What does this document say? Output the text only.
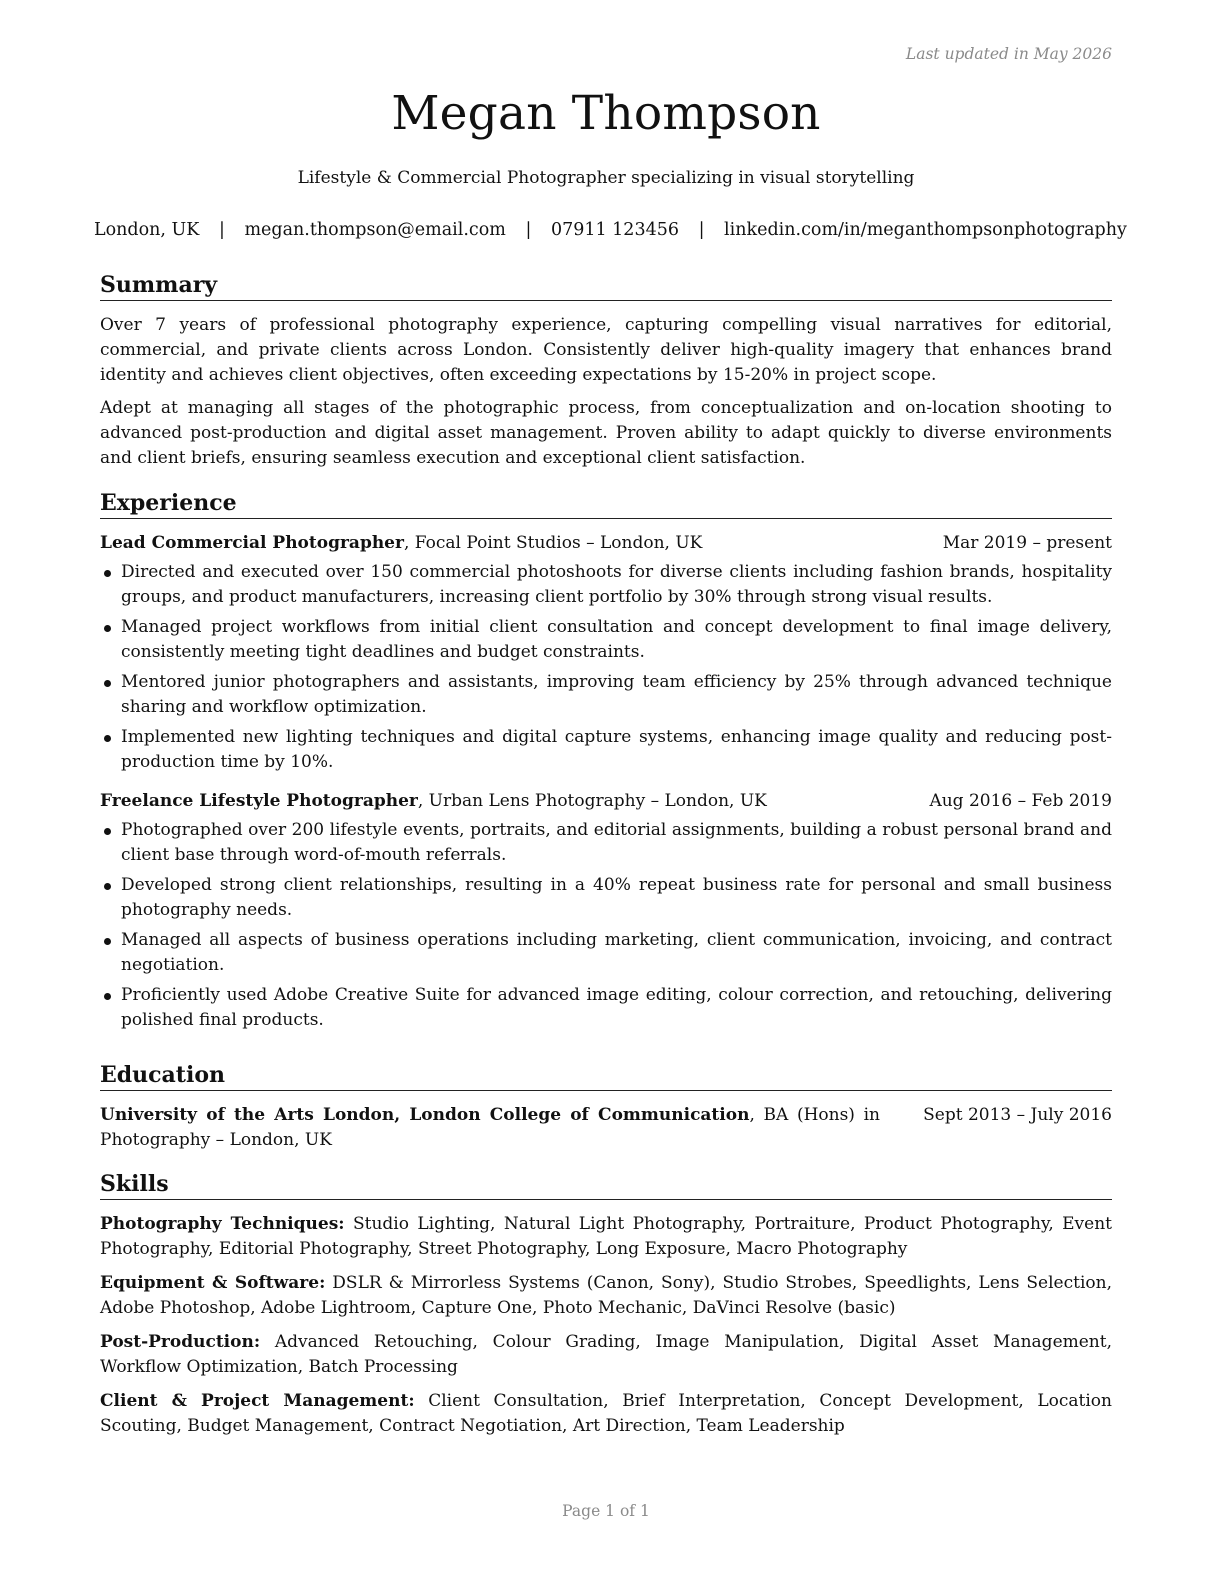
Last updated in May 2026
Megan Thompson
Lifestyle & Commercial Photographer specializing in visual storytelling
London, UK | megan.thompson@email.com | 07911 123456 | linkedin.com/in/meganthompsonphotography
Summary

Over 7 years of professional photography experience, capturing compelling visual narratives for editorial, commercial, and private clients across London. Consistently deliver high-quality imagery that enhances brand identity and achieves client objectives, often exceeding expectations by 15-20% in project scope.

Adept at managing all stages of the photographic process, from conceptualization and on-location shooting to advanced post-production and digital asset management. Proven ability to adapt quickly to diverse environments and client briefs, ensuring seamless execution and exceptional client satisfaction.

Experience
Lead Commercial Photographer, Focal Point Studios – London, UK	Mar 2019 – present
Directed and executed over 150 commercial photoshoots for diverse clients including fashion brands, hospitality groups, and product manufacturers, increasing client portfolio by 30% through strong visual results.
Managed project workflows from initial client consultation and concept development to final image delivery, consistently meeting tight deadlines and budget constraints.
Mentored junior photographers and assistants, improving team efficiency by 25% through advanced technique sharing and workflow optimization.
Implemented new lighting techniques and digital capture systems, enhancing image quality and reducing post-production time by 10%.
Freelance Lifestyle Photographer, Urban Lens Photography – London, UK	Aug 2016 – Feb 2019
Photographed over 200 lifestyle events, portraits, and editorial assignments, building a robust personal brand and client base through word-of-mouth referrals.
Developed strong client relationships, resulting in a 40% repeat business rate for personal and small business photography needs.
Managed all aspects of business operations including marketing, client communication, invoicing, and contract negotiation.
Proficiently used Adobe Creative Suite for advanced image editing, colour correction, and retouching, delivering polished final products.
Education
University of the Arts London, London College of Communication, BA (Hons) in Photography – London, UK
Sept 2013 – July 2016
Skills
Photography Techniques: Studio Lighting, Natural Light Photography, Portraiture, Product Photography, Event Photography, Editorial Photography, Street Photography, Long Exposure, Macro Photography
Equipment & Software: DSLR & Mirrorless Systems (Canon, Sony), Studio Strobes, Speedlights, Lens Selection, Adobe Photoshop, Adobe Lightroom, Capture One, Photo Mechanic, DaVinci Resolve (basic)
Post-Production: Advanced Retouching, Colour Grading, Image Manipulation, Digital Asset Management, Workflow Optimization, Batch Processing
Client & Project Management: Client Consultation, Brief Interpretation, Concept Development, Location Scouting, Budget Management, Contract Negotiation, Art Direction, Team Leadership
Page 1 of 1
